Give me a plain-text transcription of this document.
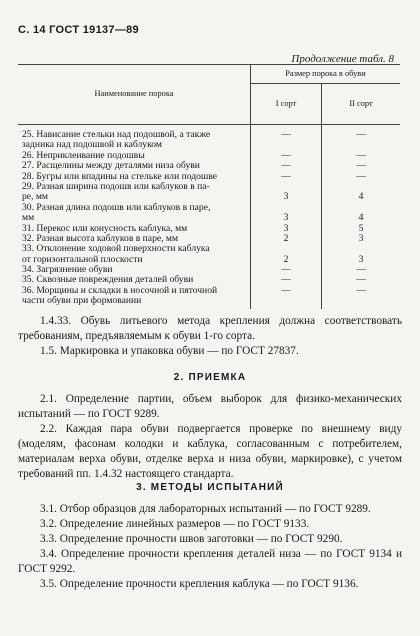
С. 14 ГОСТ 19137—89
Продолжение табл. 8
Наименование порока	Размер порока в обуви	
	I сорт	II сорт

25. Нависание стельки над подошвой, а также
задника над подошвой и каблуком	—	—

26. Неприклеивание подошвы	—	—

27. Расщелины между деталями низа обуви	—	—

28. Бугры или впадины на стельке или подошве	—	—

29. Разная ширина подошв или каблуков в па-
ре, мм	3	4

30. Разная длина подошв или каблуков в паре,
мм	3	4

31. Перекос или конусность каблука, мм	3	5

32. Разная высота каблуков в паре, мм	2	3

33. Отклонение ходовой поверхности каблука
от горизонтальной плоскости	2	3

34. Загрязнение обуви	—	—

35. Сквозные повреждения деталей обуви	—	—

36. Морщины и складки в носочной и пяточной
части обуви при формовании	—	—

1.4.33. Обувь литьевого метода крепления должна соответствовать требованиям, предъявляемым к обуви 1-го сорта.

1.5. Маркировка и упаковка обуви — по ГОСТ 27837.

2. ПРИЕМКА

2.1. Определение партии, объем выборок для физико-механических испытаний — по ГОСТ 9289.

2.2. Каждая пара обуви подвергается проверке по внешнему виду (моделям, фасонам колодки и каблука, согласованным с потребителем, материалам верха обуви, отделке верха и низа обуви, маркировке), с учетом требований пп. 1.4.32 настоящего стандарта.

3. МЕТОДЫ ИСПЫТАНИЙ

3.1. Отбор образцов для лабораторных испытаний — по ГОСТ 9289.

3.2. Определение линейных размеров — по ГОСТ 9133.

3.3. Определение прочности швов заготовки — по ГОСТ 9290.

3.4. Определение прочности крепления деталей низа — по ГОСТ 9134 и ГОСТ 9292.

3.5. Определение прочности крепления каблука — по ГОСТ 9136.
